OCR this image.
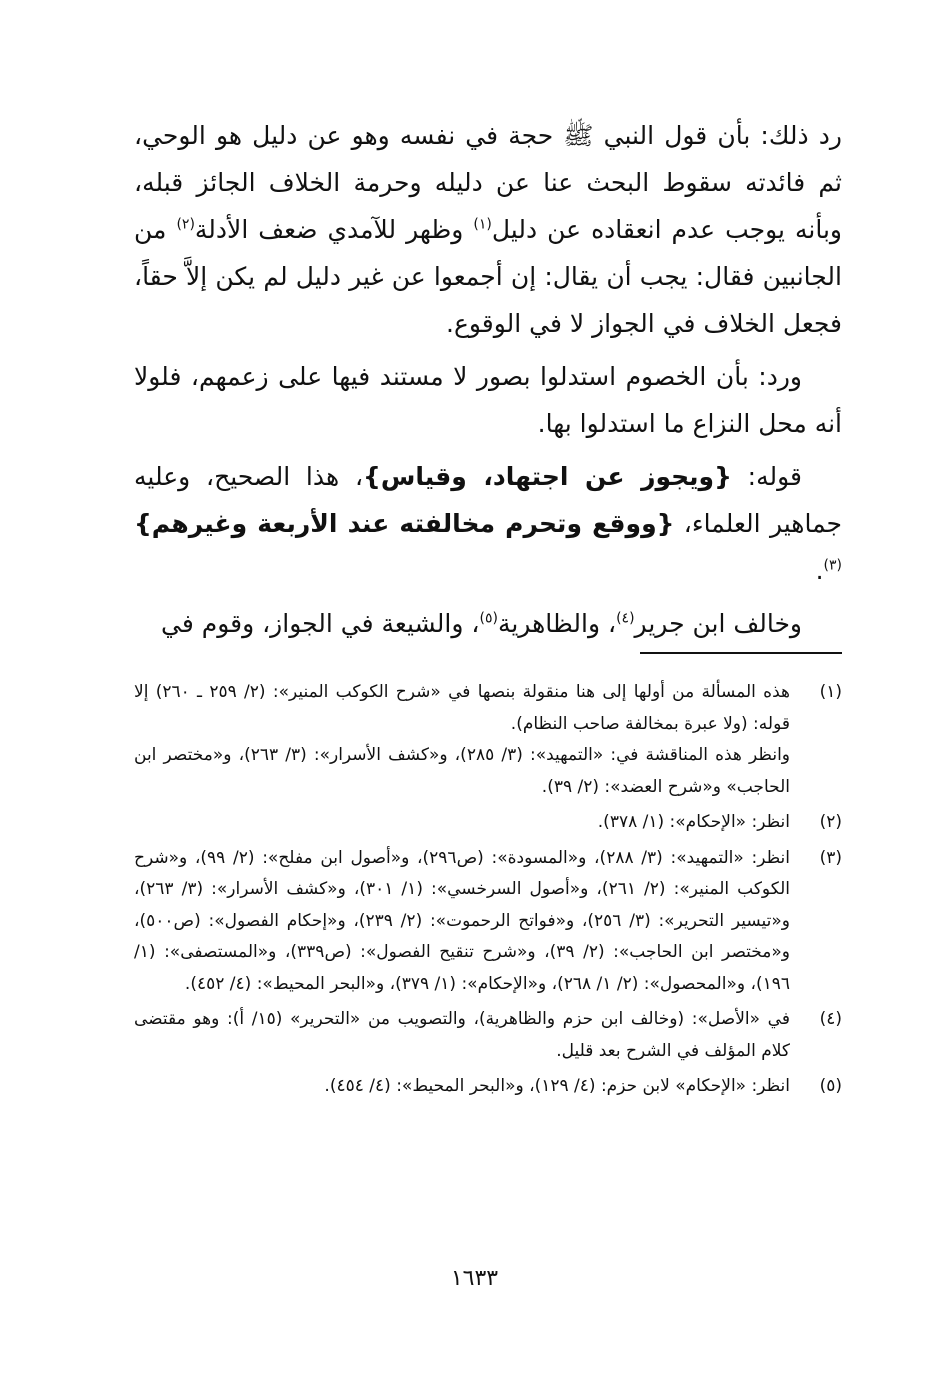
رد ذلك: بأن قول النبي ﷺ حجة في نفسه وهو عن دليل هو الوحي، ثم فائدته سقوط البحث عنا عن دليله وحرمة الخلاف الجائز قبله، وبأنه يوجب عدم انعقاده عن دليل$^{(١)}$ وظهر للآمدي ضعف الأدلة$^{(٢)}$ من الجانبين فقال: يجب أن يقال: إن أجمعوا عن غير دليل لم يكن إلاَّ حقاً، فجعل الخلاف في الجواز لا في الوقوع.

ورد: بأن الخصوم استدلوا بصور لا مستند فيها على زعمهم، فلولا أنه محل النزاع ما استدلوا بها.

قوله: {ويجوز عن اجتهاد، وقياس}، هذا الصحيح، وعليه جماهير العلماء، {ووقع وتحرم مخالفته عند الأربعة وغيرهم}$^{(٣)}$.

وخالف ابن جرير$^{(٤)}$، والظاهرية$^{(٥)}$، والشيعة في الجواز، وقوم في

(١)
هذه المسألة من أولها إلى هنا منقولة بنصها في «شرح الكوكب المنير»: (٢/ ٢٥٩ ـ ٢٦٠) إلا قوله: (ولا عبرة بمخالفة صاحب النظام).
وانظر هذه المناقشة في: «التمهيد»: (٣/ ٢٨٥)، و«كشف الأسرار»: (٣/ ٢٦٣)، و«مختصر ابن الحاجب» و«شرح العضد»: (٢/ ٣٩).
(٢)
انظر: «الإحكام»: (١/ ٣٧٨).
(٣)
انظر: «التمهيد»: (٣/ ٢٨٨)، و«المسودة»: (ص٢٩٦)، و«أصول ابن مفلح»: (٢/ ٩٩)، و«شرح الكوكب المنير»: (٢/ ٢٦١)، و«أصول السرخسي»: (١/ ٣٠١)، و«كشف الأسرار»: (٣/ ٢٦٣)، و«تيسير التحرير»: (٣/ ٢٥٦)، و«فواتح الرحموت»: (٢/ ٢٣٩)، و«إحكام الفصول»: (ص٥٠٠)، و«مختصر ابن الحاجب»: (٢/ ٣٩)، و«شرح تنقيح الفصول»: (ص٣٣٩)، و«المستصفى»: (١/ ١٩٦)، و«المحصول»: (٢/ ١/ ٢٦٨)، و«الإحكام»: (١/ ٣٧٩)، و«البحر المحيط»: (٤/ ٤٥٢).
(٤)
في «الأصل»: (وخالف ابن حزم والظاهرية)، والتصويب من «التحرير» (١٥/ أ): وهو مقتضى كلام المؤلف في الشرح بعد قليل.
(٥)
انظر: «الإحكام» لابن حزم: (٤/ ١٢٩)، و«البحر المحيط»: (٤/ ٤٥٤).
١٦٣٣
